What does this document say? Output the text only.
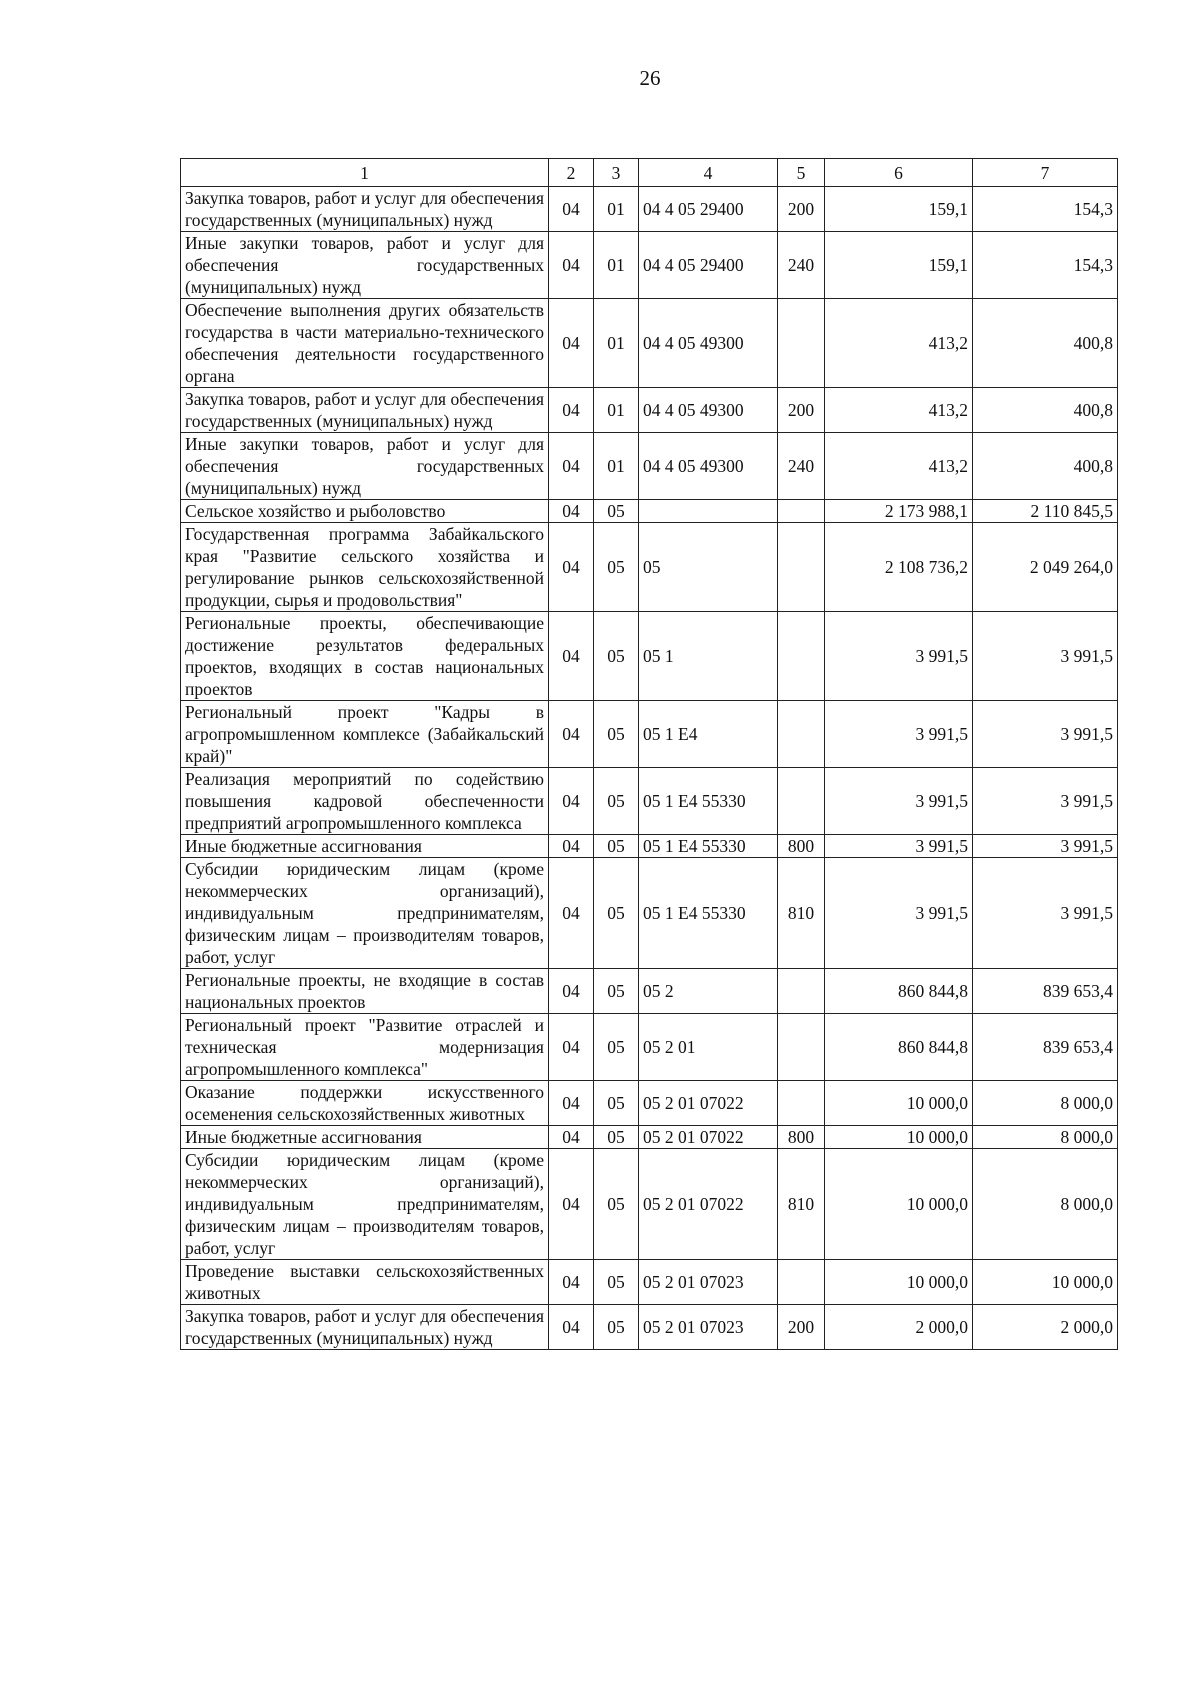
26
1	2	3	4	5	6	7
Закупка товаров, работ и услуг для обеспечения государственных (муниципальных) нужд	04	01	04 4 05 29400	200	159,1	154,3
Иные закупки товаров, работ и услуг для обеспечения государственных (муниципальных) нужд	04	01	04 4 05 29400	240	159,1	154,3
Обеспечение выполнения других обязательств государства в части материально-технического обеспечения деятельности государственного органа	04	01	04 4 05 49300		413,2	400,8
Закупка товаров, работ и услуг для обеспечения государственных (муниципальных) нужд	04	01	04 4 05 49300	200	413,2	400,8
Иные закупки товаров, работ и услуг для обеспечения государственных (муниципальных) нужд	04	01	04 4 05 49300	240	413,2	400,8
Сельское хозяйство и рыболовство	04	05			2 173 988,1	2 110 845,5
Государственная программа Забайкальского края "Развитие сельского хозяйства и регулирование рынков сельскохозяйственной продукции, сырья и продовольствия"	04	05	05		2 108 736,2	2 049 264,0
Региональные проекты, обеспечивающие достижение результатов федеральных проектов, входящих в состав национальных проектов	04	05	05 1		3 991,5	3 991,5
Региональный проект "Кадры в агропромышленном комплексе (Забайкальский край)"	04	05	05 1 E4		3 991,5	3 991,5
Реализация мероприятий по содействию повышения кадровой обеспеченности предприятий агропромышленного комплекса	04	05	05 1 E4 55330		3 991,5	3 991,5
Иные бюджетные ассигнования	04	05	05 1 E4 55330	800	3 991,5	3 991,5
Субсидии юридическим лицам (кроме некоммерческих организаций), индивидуальным предпринимателям, физическим лицам – производителям товаров, работ, услуг	04	05	05 1 E4 55330	810	3 991,5	3 991,5
Региональные проекты, не входящие в состав национальных проектов	04	05	05 2		860 844,8	839 653,4
Региональный проект "Развитие отраслей и техническая модернизация агропромышленного комплекса"	04	05	05 2 01		860 844,8	839 653,4
Оказание поддержки искусственного осеменения сельскохозяйственных животных	04	05	05 2 01 07022		10 000,0	8 000,0
Иные бюджетные ассигнования	04	05	05 2 01 07022	800	10 000,0	8 000,0
Субсидии юридическим лицам (кроме некоммерческих организаций), индивидуальным предпринимателям, физическим лицам – производителям товаров, работ, услуг	04	05	05 2 01 07022	810	10 000,0	8 000,0
Проведение выставки сельскохозяйственных животных	04	05	05 2 01 07023		10 000,0	10 000,0
Закупка товаров, работ и услуг для обеспечения государственных (муниципальных) нужд	04	05	05 2 01 07023	200	2 000,0	2 000,0
